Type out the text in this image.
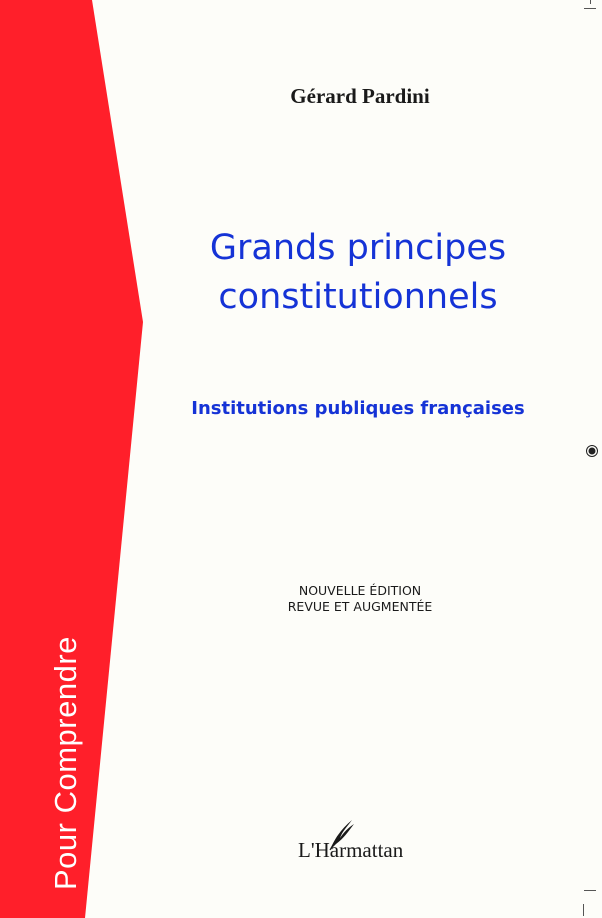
Pour Comprendre
Gérard Pardini
Grands principes
constitutionnels
Institutions publiques françaises
NOUVELLE ÉDITION
REVUE ET AUGMENTÉE
L'Harmattan
